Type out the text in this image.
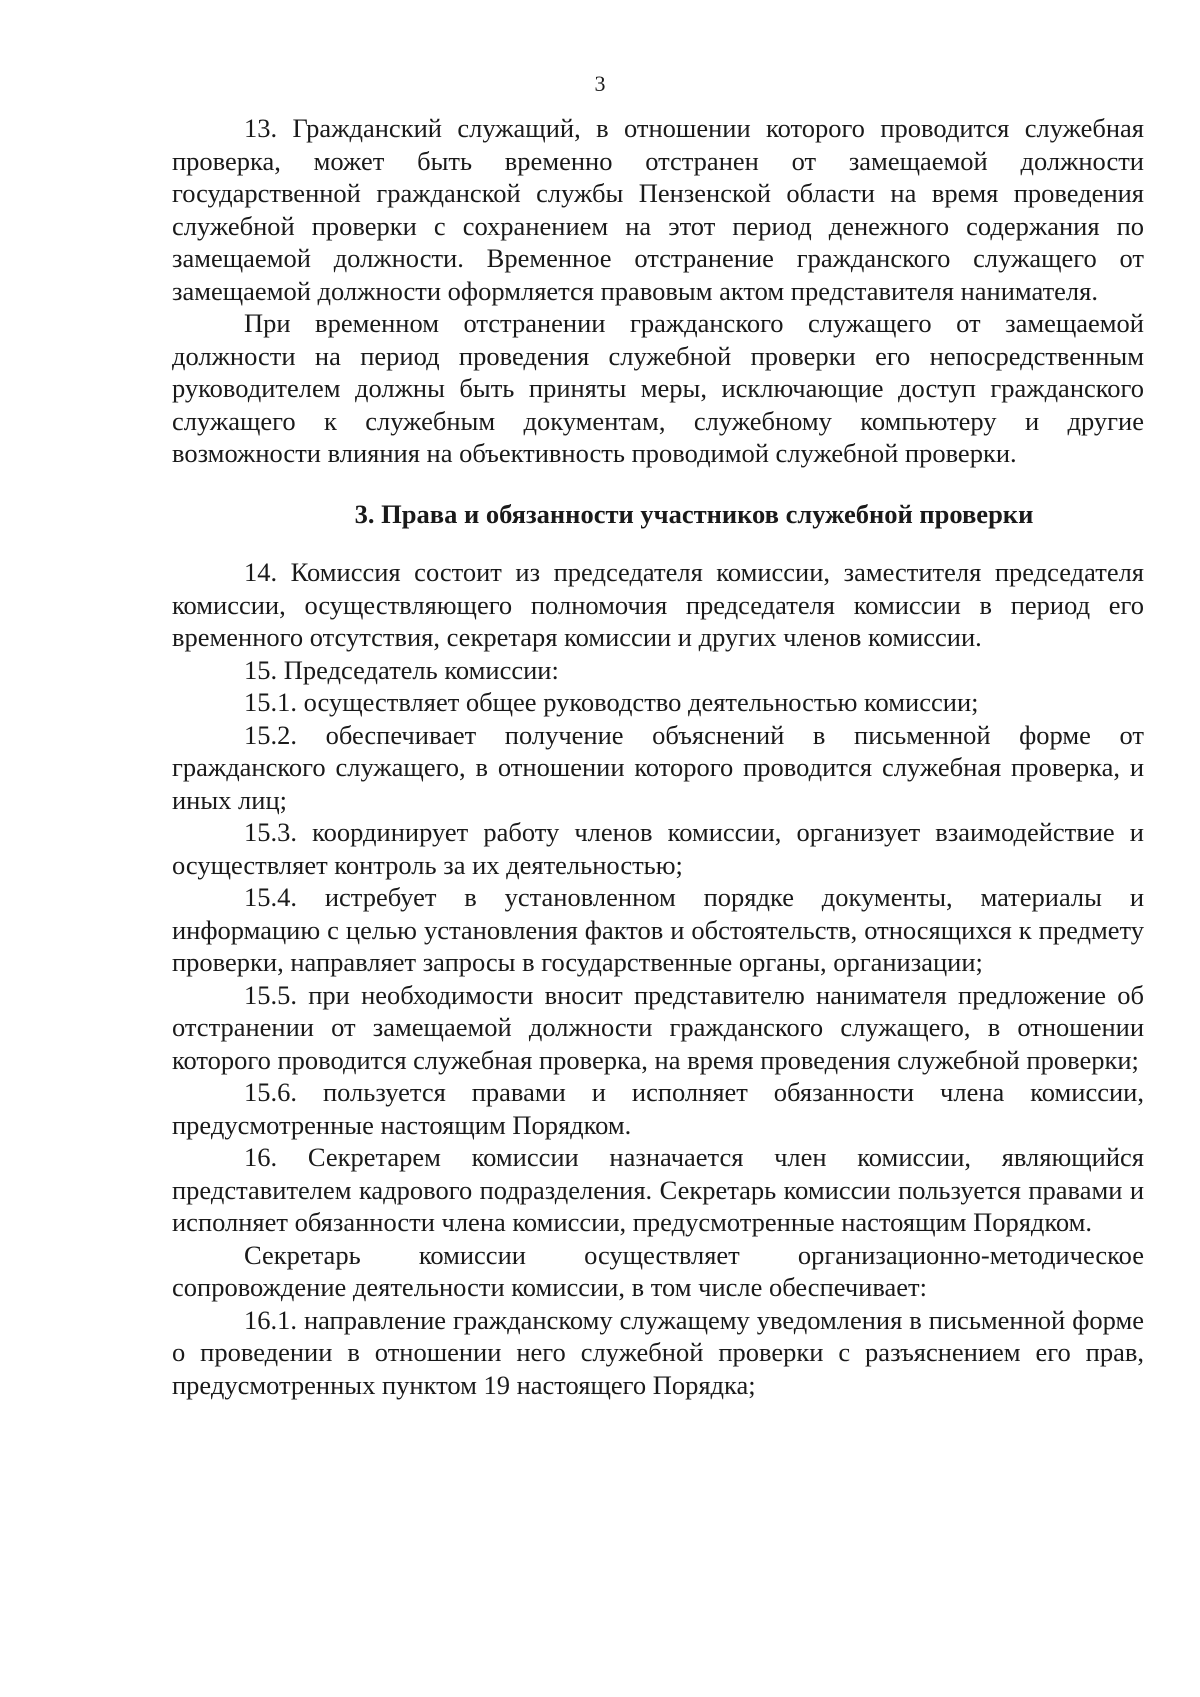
3

13. Гражданский служащий, в отношении которого проводится служебная проверка, может быть временно отстранен от замещаемой должности государственной гражданской службы Пензенской области на время проведения служебной проверки с сохранением на этот период денежного содержания по замещаемой должности. Временное отстранение гражданского служащего от замещаемой должности оформляется правовым актом представителя нанимателя.

При временном отстранении гражданского служащего от замещаемой должности на период проведения служебной проверки его непосредственным руководителем должны быть приняты меры, исключающие доступ гражданского служащего к служебным документам, служебному компьютеру и другие возможности влияния на объективность проводимой служебной проверки.

3. Права и обязанности участников служебной проверки

14. Комиссия состоит из председателя комиссии, заместителя председателя комиссии, осуществляющего полномочия председателя комиссии в период его временного отсутствия, секретаря комиссии и других членов комиссии.

15. Председатель комиссии:

15.1. осуществляет общее руководство деятельностью комиссии;

15.2. обеспечивает получение объяснений в письменной форме от гражданского служащего, в отношении которого проводится служебная проверка, и иных лиц;

15.3. координирует работу членов комиссии, организует взаимодействие и осуществляет контроль за их деятельностью;

15.4. истребует в установленном порядке документы, материалы и информацию с целью установления фактов и обстоятельств, относящихся к предмету проверки, направляет запросы в государственные органы, организации;

15.5. при необходимости вносит представителю нанимателя предложение об отстранении от замещаемой должности гражданского служащего, в отношении которого проводится служебная проверка, на время проведения служебной проверки;

15.6. пользуется правами и исполняет обязанности члена комиссии, предусмотренные настоящим Порядком.

16. Секретарем комиссии назначается член комиссии, являющийся представителем кадрового подразделения. Секретарь комиссии пользуется правами и исполняет обязанности члена комиссии, предусмотренные настоящим Порядком.

Секретарь комиссии осуществляет организационно-методическое сопровождение деятельности комиссии, в том числе обеспечивает:

16.1. направление гражданскому служащему уведомления в письменной форме о проведении в отношении него служебной проверки с разъяснением его прав, предусмотренных пунктом 19 настоящего Порядка;
